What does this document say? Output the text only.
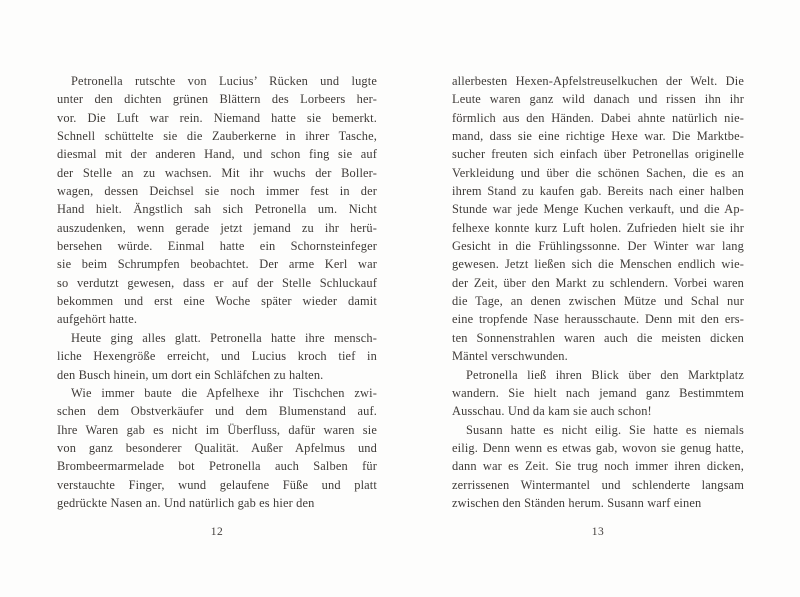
Petronella rutschte von Lucius’ Rücken und lugte
unter den dichten grünen Blättern des Lorbeers her-
vor. Die Luft war rein. Niemand hatte sie bemerkt.
Schnell schüttelte sie die Zauberkerne in ihrer Tasche,
diesmal mit der anderen Hand, und schon fing sie auf
der Stelle an zu wachsen. Mit ihr wuchs der Boller-
wagen, dessen Deichsel sie noch immer fest in der
Hand hielt. Ängstlich sah sich Petronella um. Nicht
auszudenken, wenn gerade jetzt jemand zu ihr herü-
bersehen würde. Einmal hatte ein Schornsteinfeger
sie beim Schrumpfen beobachtet. Der arme Kerl war
so verdutzt gewesen, dass er auf der Stelle Schluckauf
bekommen und erst eine Woche später wieder damit
aufgehört hatte.
Heute ging alles glatt. Petronella hatte ihre mensch-
liche Hexengröße erreicht, und Lucius kroch tief in
den Busch hinein, um dort ein Schläfchen zu halten.
Wie immer baute die Apfelhexe ihr Tischchen zwi-
schen dem Obstverkäufer und dem Blumenstand auf.
Ihre Waren gab es nicht im Überfluss, dafür waren sie
von ganz besonderer Qualität. Außer Apfelmus und
Brombeermarmelade bot Petronella auch Salben für
verstauchte Finger, wund gelaufene Füße und platt
gedrückte Nasen an. Und natürlich gab es hier den
allerbesten Hexen-Apfelstreuselkuchen der Welt. Die
Leute waren ganz wild danach und rissen ihn ihr
förmlich aus den Händen. Dabei ahnte natürlich nie-
mand, dass sie eine richtige Hexe war. Die Marktbe-
sucher freuten sich einfach über Petronellas originelle
Verkleidung und über die schönen Sachen, die es an
ihrem Stand zu kaufen gab. Bereits nach einer halben
Stunde war jede Menge Kuchen verkauft, und die Ap-
felhexe konnte kurz Luft holen. Zufrieden hielt sie ihr
Gesicht in die Frühlingssonne. Der Winter war lang
gewesen. Jetzt ließen sich die Menschen endlich wie-
der Zeit, über den Markt zu schlendern. Vorbei waren
die Tage, an denen zwischen Mütze und Schal nur
eine tropfende Nase herausschaute. Denn mit den ers-
ten Sonnenstrahlen waren auch die meisten dicken
Mäntel verschwunden.
Petronella ließ ihren Blick über den Marktplatz
wandern. Sie hielt nach jemand ganz Bestimmtem
Ausschau. Und da kam sie auch schon!
Susann hatte es nicht eilig. Sie hatte es niemals
eilig. Denn wenn es etwas gab, wovon sie genug hatte,
dann war es Zeit. Sie trug noch immer ihren dicken,
zerrissenen Wintermantel und schlenderte langsam
zwischen den Ständen herum. Susann warf einen
12	13
